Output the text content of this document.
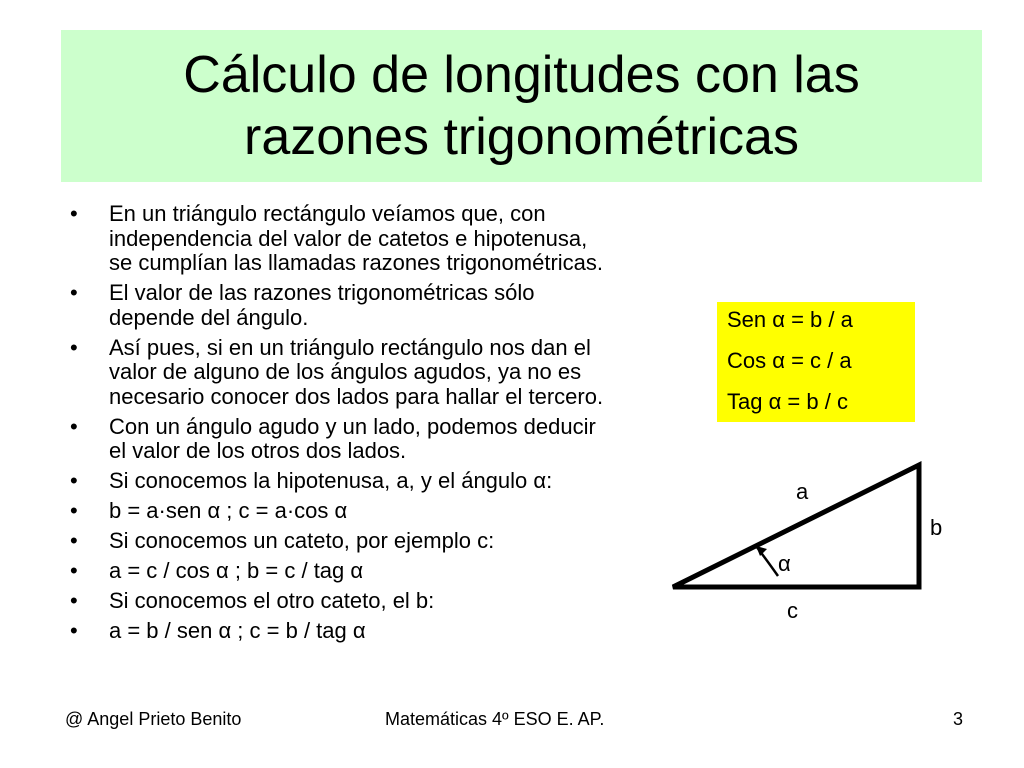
Cálculo de longitudes con las
razones trigonométricas
• En un triángulo rectángulo veíamos que, con
independencia del valor de catetos e hipotenusa,
se cumplían las llamadas razones trigonométricas.
• El valor de las razones trigonométricas sólo
depende del ángulo.
• Así pues, si en un triángulo rectángulo nos dan el
valor de alguno de los ángulos agudos, ya no es
necesario conocer dos lados para hallar el tercero.
• Con un ángulo agudo y un lado, podemos deducir
el valor de los otros dos lados.
• Si conocemos la hipotenusa, a, y el ángulo α:
• b = a·sen α ; c = a·cos α
• Si conocemos un cateto, por ejemplo c:
• a = c / cos α ; b = c / tag α
• Si conocemos el otro cateto, el b:
• a = b / sen α ; c = b / tag α
Sen α = b / a
Cos α = c / a
Tag α = b / c
a
b
c
α
@ Angel Prieto Benito	Matemáticas 4º ESO E. AP.	3
